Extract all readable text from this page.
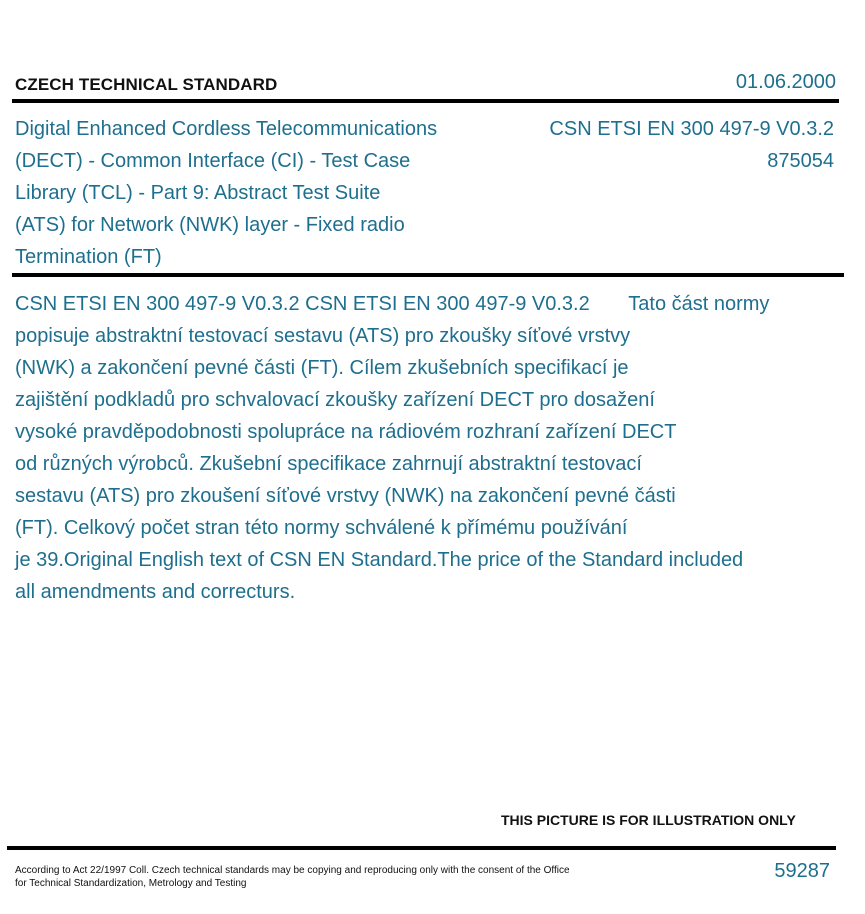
CZECH TECHNICAL STANDARD	01.06.2000
Digital Enhanced Cordless Telecommunications
(DECT) - Common Interface (CI) - Test Case
Library (TCL) - Part 9: Abstract Test Suite
(ATS) for Network (NWK) layer - Fixed radio
Termination (FT)
CSN ETSI EN 300 497-9 V0.3.2
875054
CSN ETSI EN 300 497-9 V0.3.2 CSN ETSI EN 300 497-9 V0.3.2       Tato část normy
popisuje abstraktní testovací sestavu (ATS) pro zkoušky síťové vrstvy
(NWK) a zakončení pevné části (FT). Cílem zkušebních specifikací je
zajištění podkladů pro schvalovací zkoušky zařízení DECT pro dosažení
vysoké pravděpodobnosti spolupráce na rádiovém rozhraní zařízení DECT
od různých výrobců. Zkušební specifikace zahrnují abstraktní testovací
sestavu (ATS) pro zkoušení síťové vrstvy (NWK) na zakončení pevné části
(FT). Celkový počet stran této normy schválené k přímému používání
je 39.Original English text of CSN EN Standard.The price of the Standard included
all amendments and correcturs.
THIS PICTURE IS FOR ILLUSTRATION ONLY
According to Act 22/1997 Coll. Czech technical standards may be copying and reproducing only with the consent of the Office
for Technical Standardization, Metrology and Testing
59287
